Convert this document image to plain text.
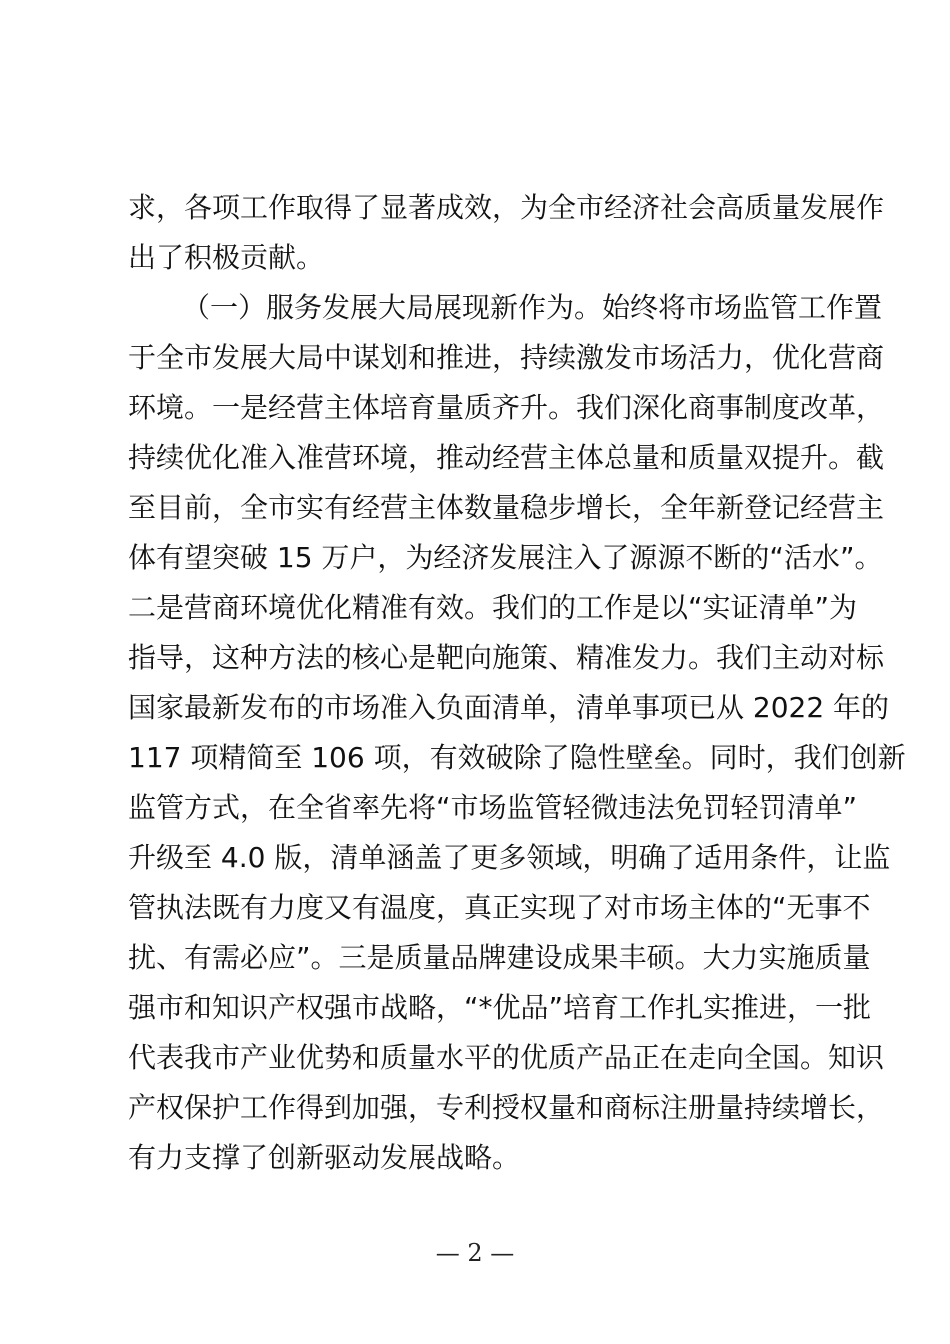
求，各项工作取得了显著成效，为全市经济社会高质量发展作
出了积极贡献。
（一）服务发展大局展现新作为。始终将市场监管工作置
于全市发展大局中谋划和推进，持续激发市场活力，优化营商
环境。一是经营主体培育量质齐升。我们深化商事制度改革，
持续优化准入准营环境，推动经营主体总量和质量双提升。截
至目前，全市实有经营主体数量稳步增长，全年新登记经营主
体有望突破 15 万户，为经济发展注入了源源不断的“活水”。
二是营商环境优化精准有效。我们的工作是以“实证清单”为
指导，这种方法的核心是靶向施策、精准发力。我们主动对标
国家最新发布的市场准入负面清单，清单事项已从 2022 年的
117 项精简至 106 项，有效破除了隐性壁垒。同时，我们创新
监管方式，在全省率先将“市场监管轻微违法免罚轻罚清单”
升级至 4.0 版，清单涵盖了更多领域，明确了适用条件，让监
管执法既有力度又有温度，真正实现了对市场主体的“无事不
扰、有需必应”。三是质量品牌建设成果丰硕。大力实施质量
强市和知识产权强市战略，“*优品”培育工作扎实推进，一批
代表我市产业优势和质量水平的优质产品正在走向全国。知识
产权保护工作得到加强，专利授权量和商标注册量持续增长，
有力支撑了创新驱动发展战略。
— 2 —
